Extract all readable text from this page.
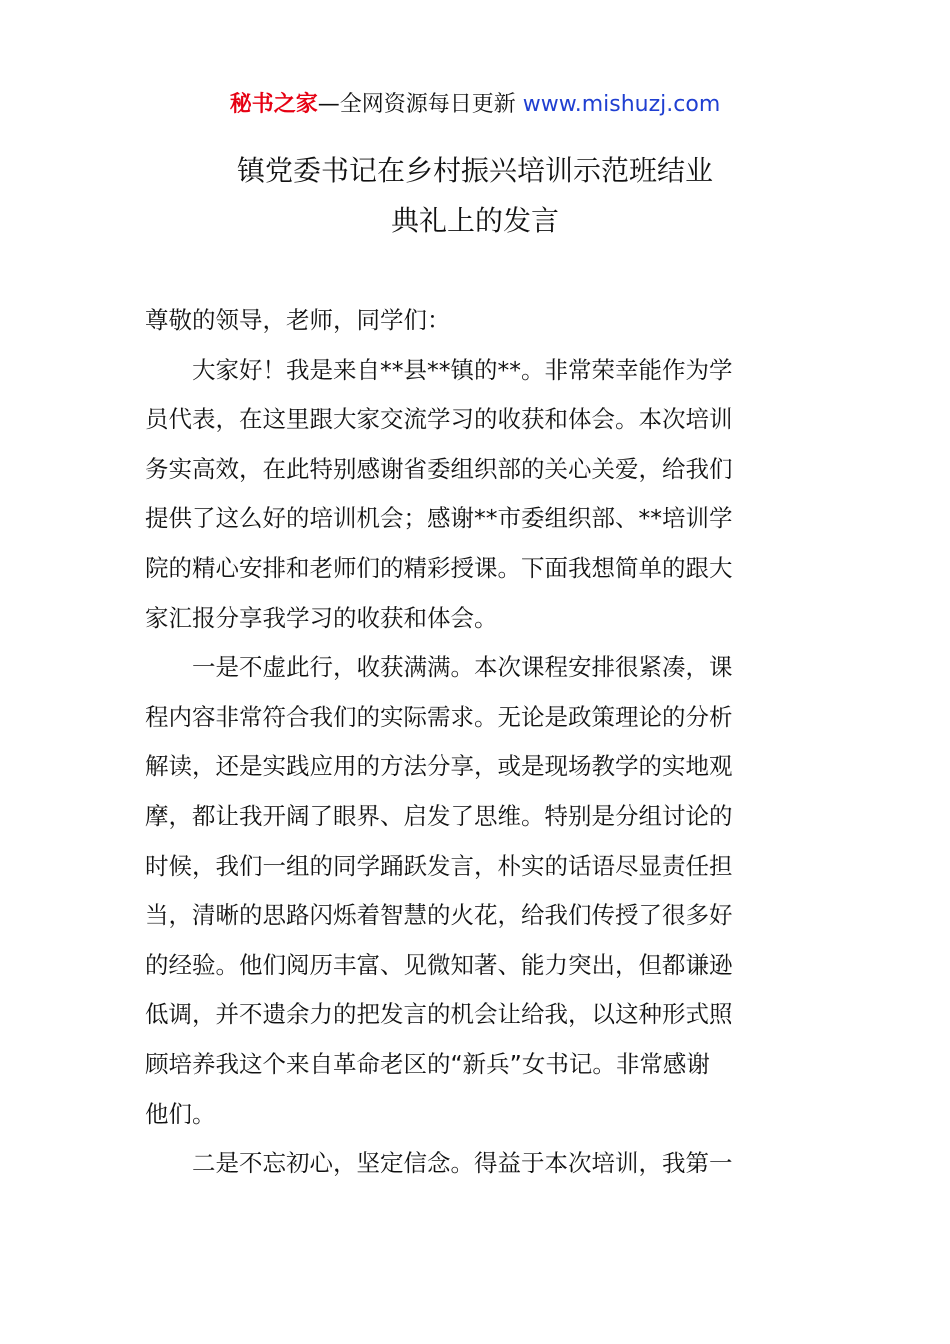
秘书之家—全网资源每日更新 www.mishuzj.com
镇党委书记在乡村振兴培训示范班结业
典礼上的发言
尊敬的领导，老师，同学们：
　　大家好！我是来自**县**镇的**。非常荣幸能作为学
员代表，在这里跟大家交流学习的收获和体会。本次培训
务实高效，在此特别感谢省委组织部的关心关爱，给我们
提供了这么好的培训机会；感谢**市委组织部、**培训学
院的精心安排和老师们的精彩授课。下面我想简单的跟大
家汇报分享我学习的收获和体会。
　　一是不虚此行，收获满满。本次课程安排很紧凑，课
程内容非常符合我们的实际需求。无论是政策理论的分析
解读，还是实践应用的方法分享，或是现场教学的实地观
摩，都让我开阔了眼界、启发了思维。特别是分组讨论的
时候，我们一组的同学踊跃发言，朴实的话语尽显责任担
当，清晰的思路闪烁着智慧的火花，给我们传授了很多好
的经验。他们阅历丰富、见微知著、能力突出，但都谦逊
低调，并不遗余力的把发言的机会让给我，以这种形式照
顾培养我这个来自革命老区的“新兵”女书记。非常感谢
他们。
　　二是不忘初心，坚定信念。得益于本次培训，我第一
